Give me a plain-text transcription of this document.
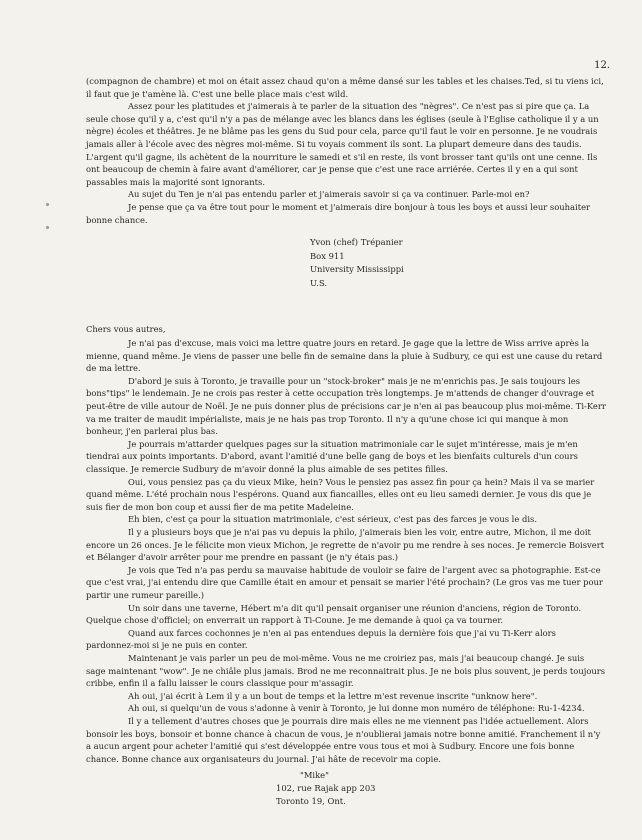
12.

(compagnon de chambre) et moi on était assez chaud qu'on a même dansé sur les tables et les chaises.Ted, si tu viens ici, il faut que je t'amène là. C'est une belle place mais c'est wild.

Assez pour les platitudes et j'aimerais à te parler de la situation des "nègres". Ce n'est pas si pire que ça. La seule chose qu'il y a, c'est qu'il n'y a pas de mélange avec les blancs dans les églises (seule à l'Eglise catholique il y a un nègre) écoles et théâtres. Je ne blâme pas les gens du Sud pour cela, parce qu'il faut le voir en personne. Je ne voudrais jamais aller à l'école avec des nègres moi-même. Si tu voyais comment ils sont. La plupart demeure dans des taudis. L'argent qu'il gagne, ils achètent de la nourriture le samedi et s'il en reste, ils vont brosser tant qu'ils ont une cenne. Ils ont beaucoup de chemin à faire avant d'améliorer, car je pense que c'est une race arriérée. Certes il y en a qui sont passables mais la majorité sont ignorants.

Au sujet du Ten je n'ai pas entendu parler et j'aimerais savoir si ça va continuer. Parle-moi en?

Je pense que ça va être tout pour le moment et j'aimerais dire bonjour à tous les boys et aussi leur souhaiter bonne chance.

Yvon (chef) Trépanier
Box 911
University Mississippi
U.S.

Chers vous autres,

Je n'ai pas d'excuse, mais voici ma lettre quatre jours en retard. Je gage que la lettre de Wiss arrive après la mienne, quand même. Je viens de passer une belle fin de semaine dans la pluie à Sudbury, ce qui est une cause du retard de ma lettre.

D'abord je suis à Toronto, je travaille pour un "stock-broker" mais je ne m'enrichis pas. Je sais toujours les bons"tips" le lendemain. Je ne crois pas rester à cette occupation très longtemps. Je m'attends de changer d'ouvrage et peut-être de ville autour de Noël. Je ne puis donner plus de précisions car je n'en ai pas beaucoup plus moi-même. Ti-Kerr va me traiter de maudit impérialiste, mais je ne hais pas trop Toronto. Il n'y a qu'une chose ici qui manque à mon bonheur, j'en parlerai plus bas.

Je pourrais m'attarder quelques pages sur la situation matrimoniale car le sujet m'intéresse, mais je m'en tiendrai aux points importants. D'abord, avant l'amitié d'une belle gang de boys et les bienfaits culturels d'un cours classique. Je remercie Sudbury de m'avoir donné la plus aimable de ses petites filles.

Oui, vous pensiez pas ça du vieux Mike, hein? Vous le pensiez pas assez fin pour ça hein? Mais il va se marier quand même. L'été prochain nous l'espérons. Quand aux fiancailles, elles ont eu lieu samedi dernier. Je vous dis que je suis fier de mon bon coup et aussi fier de ma petite Madeleine.

Eh bien, c'est ça pour la situation matrimoniale, c'est sérieux, c'est pas des farces je vous le dis.

Il y a plusieurs boys que je n'ai pas vu depuis la philo, j'aimerais bien les voir, entre autre, Michon, il me doit encore un 26 onces. Je le félicite mon vieux Michon, je regrette de n'avoir pu me rendre à ses noces. Je remercie Boisvert et Bélanger d'avoir arrêter pour me prendre en passant (je n'y étais pas.)

Je vois que Ted n'a pas perdu sa mauvaise habitude de vouloir se faire de l'argent avec sa photographie. Est-ce que c'est vrai, j'ai entendu dire que Camille était en amour et pensait se marier l'été prochain? (Le gros vas me tuer pour partir une rumeur pareille.)

Un soir dans une taverne, Hébert m'a dit qu'il pensait organiser une réunion d'anciens, région de Toronto. Quelque chose d'officiel; on enverrait un rapport à Ti-Coune. Je me demande à quoi ça va tourner.

Quand aux farces cochonnes je n'en ai pas entendues depuis la dernière fois que j'ai vu Ti-Kerr alors pardonnez-moi si je ne puis en conter.

Maintenant je vais parler un peu de moi-même. Vous ne me croiriez pas, mais j'ai beaucoup changé. Je suis sage maintenant "wow". Je ne chiâle plus jamais. Brod ne me reconnaitrait plus. Je ne bois plus souvent, je perds toujours cribbe, enfin il a fallu laisser le cours classique pour m'assagir.

Ah oui, j'ai écrit à Lem il y a un bout de temps et la lettre m'est revenue inscrite "unknow here".

Ah oui, si quelqu'un de vous s'adonne à venir à Toronto, je lui donne mon numéro de téléphone: Ru-1-4234.

Il y a tellement d'autres choses que je pourrais dire mais elles ne me viennent pas l'idée actuellement. Alors bonsoir les boys, bonsoir et bonne chance à chacun de vous, je n'oublierai jamais notre bonne amitié. Franchement il n'y a aucun argent pour acheter l'amitié qui s'est développée entre vous tous et moi à Sudbury. Encore une fois bonne chance. Bonne chance aux organisateurs du journal. J'ai hâte de recevoir ma copie.

"Mike"
102, rue Rajak app 203
Toronto 19, Ont.
